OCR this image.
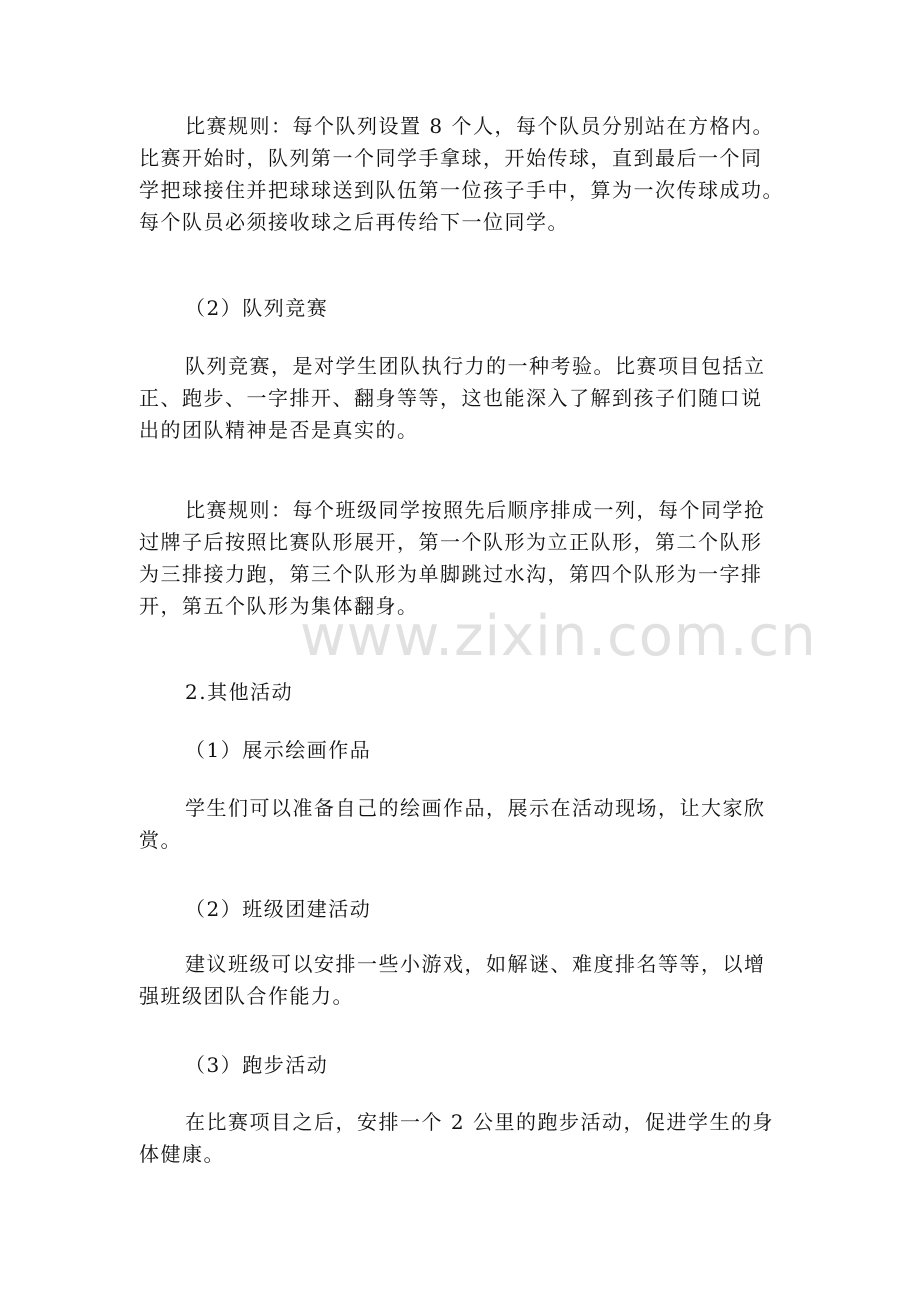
比赛规则：每个队列设置 8 个人，每个队员分别站在方格内。
比赛开始时，队列第一个同学手拿球，开始传球，直到最后一个同
学把球接住并把球球送到队伍第一位孩子手中，算为一次传球成功。
每个队员必须接收球之后再传给下一位同学。
（2）队列竞赛
队列竞赛，是对学生团队执行力的一种考验。比赛项目包括立
正、跑步、一字排开、翻身等等，这也能深入了解到孩子们随口说
出的团队精神是否是真实的。
比赛规则：每个班级同学按照先后顺序排成一列，每个同学抢
过牌子后按照比赛队形展开，第一个队形为立正队形，第二个队形
为三排接力跑，第三个队形为单脚跳过水沟，第四个队形为一字排
开，第五个队形为集体翻身。
2.其他活动
（1）展示绘画作品
学生们可以准备自己的绘画作品，展示在活动现场，让大家欣
赏。
（2）班级团建活动
建议班级可以安排一些小游戏，如解谜、难度排名等等，以增
强班级团队合作能力。
（3）跑步活动
在比赛项目之后，安排一个 2 公里的跑步活动，促进学生的身
体健康。
www.zixin.com.cn
